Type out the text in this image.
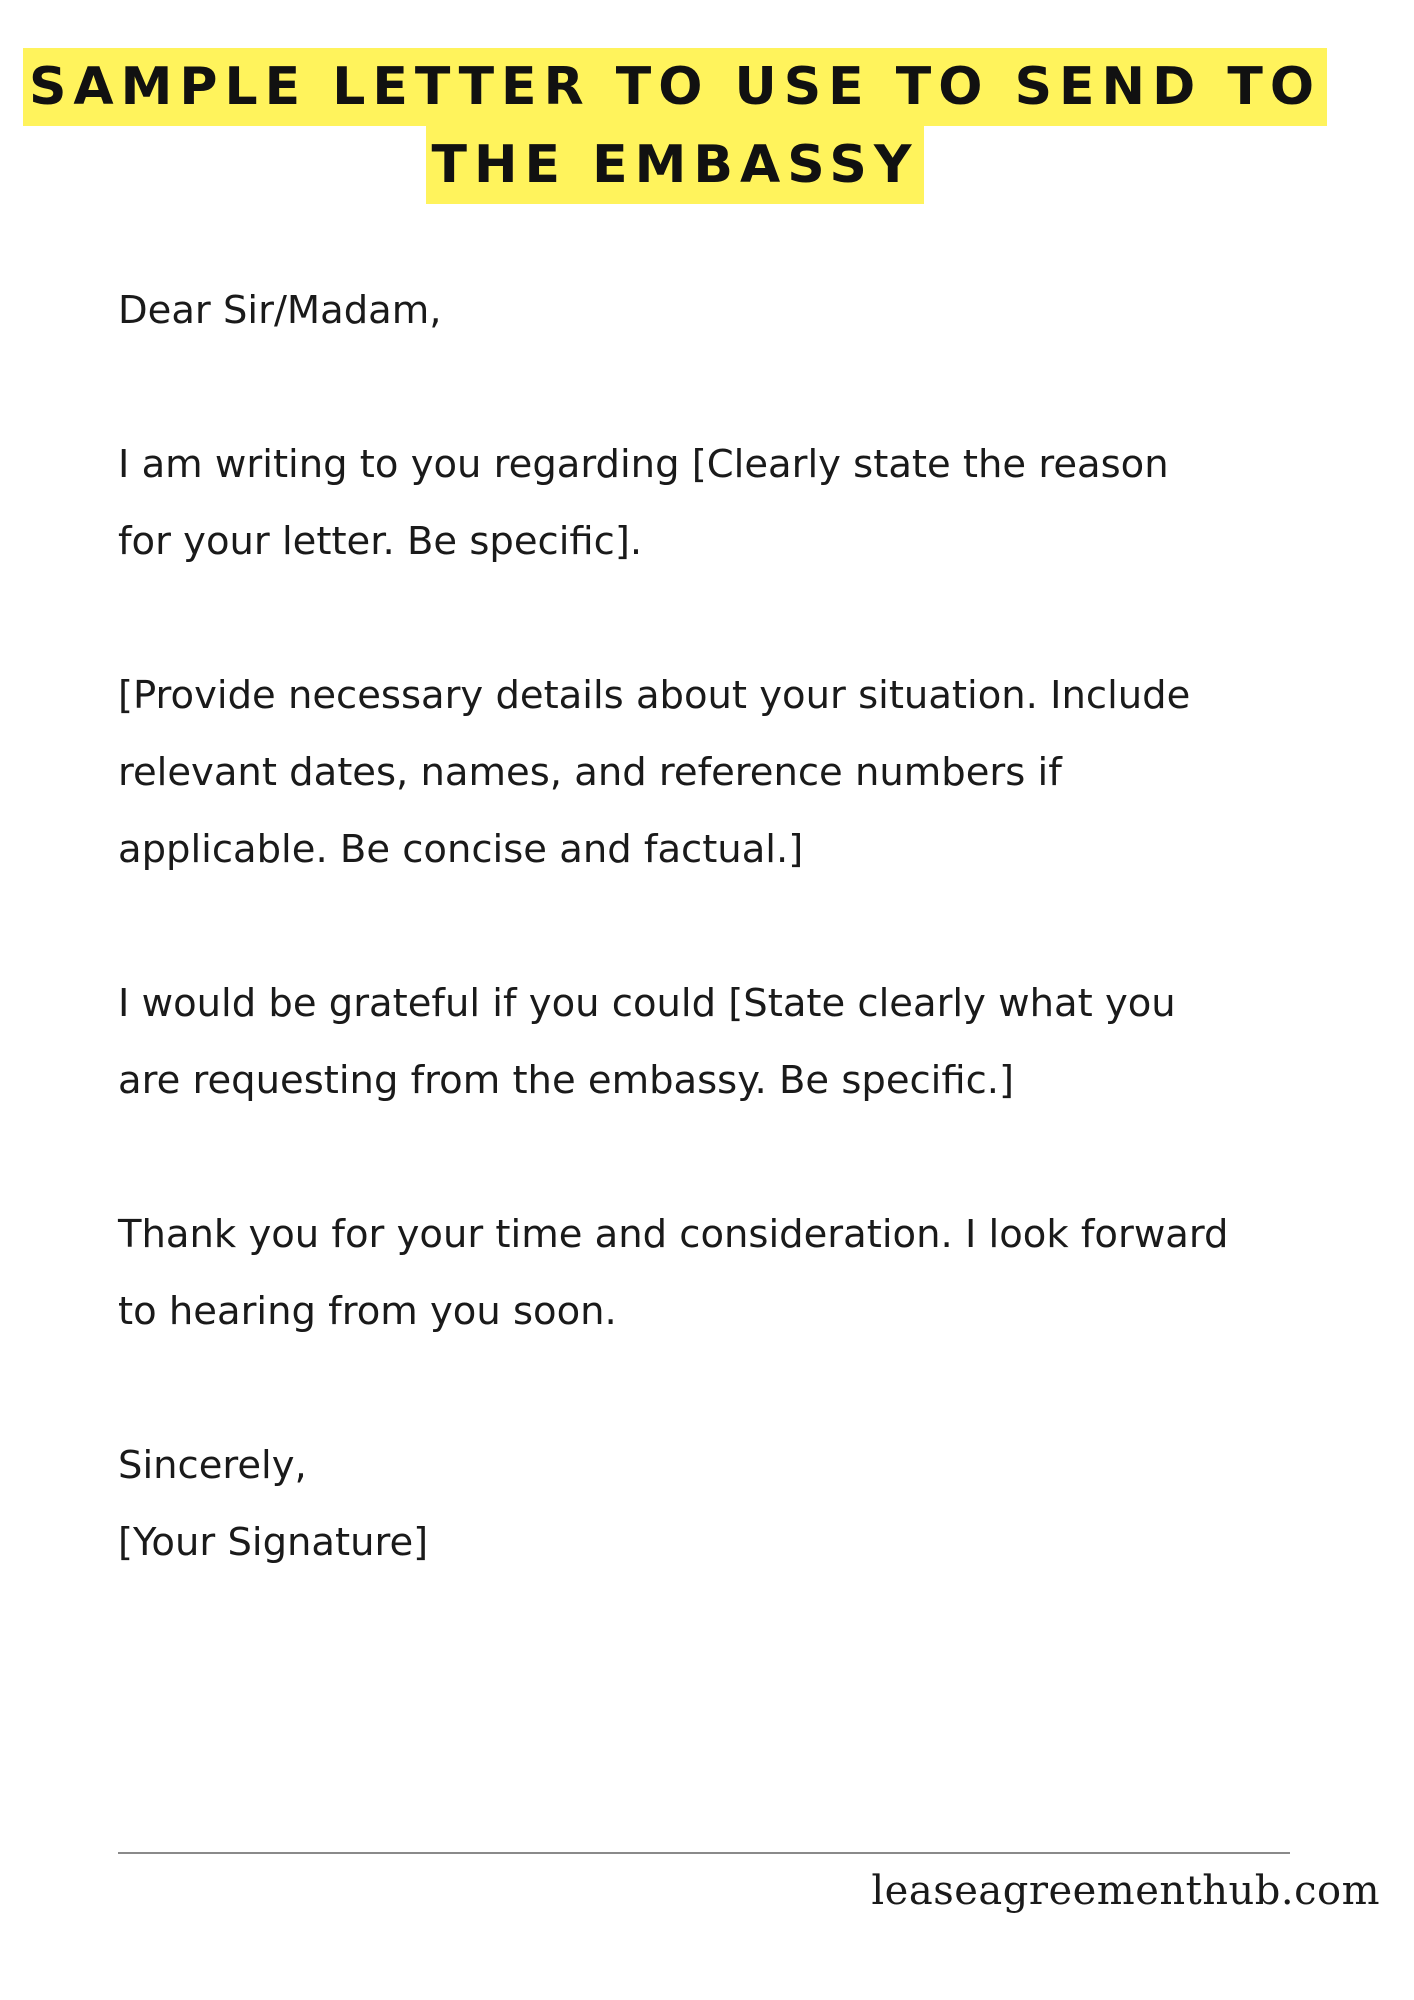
SAMPLE LETTER TO USE TO SEND TO
THE EMBASSY

Dear Sir/Madam,

I am writing to you regarding [Clearly state the reason
for your letter. Be specific].

[Provide necessary details about your situation. Include
relevant dates, names, and reference numbers if
applicable. Be concise and factual.]

I would be grateful if you could [State clearly what you
are requesting from the embassy. Be specific.]

Thank you for your time and consideration. I look forward
to hearing from you soon.

Sincerely,
[Your Signature]

leaseagreementhub.com
